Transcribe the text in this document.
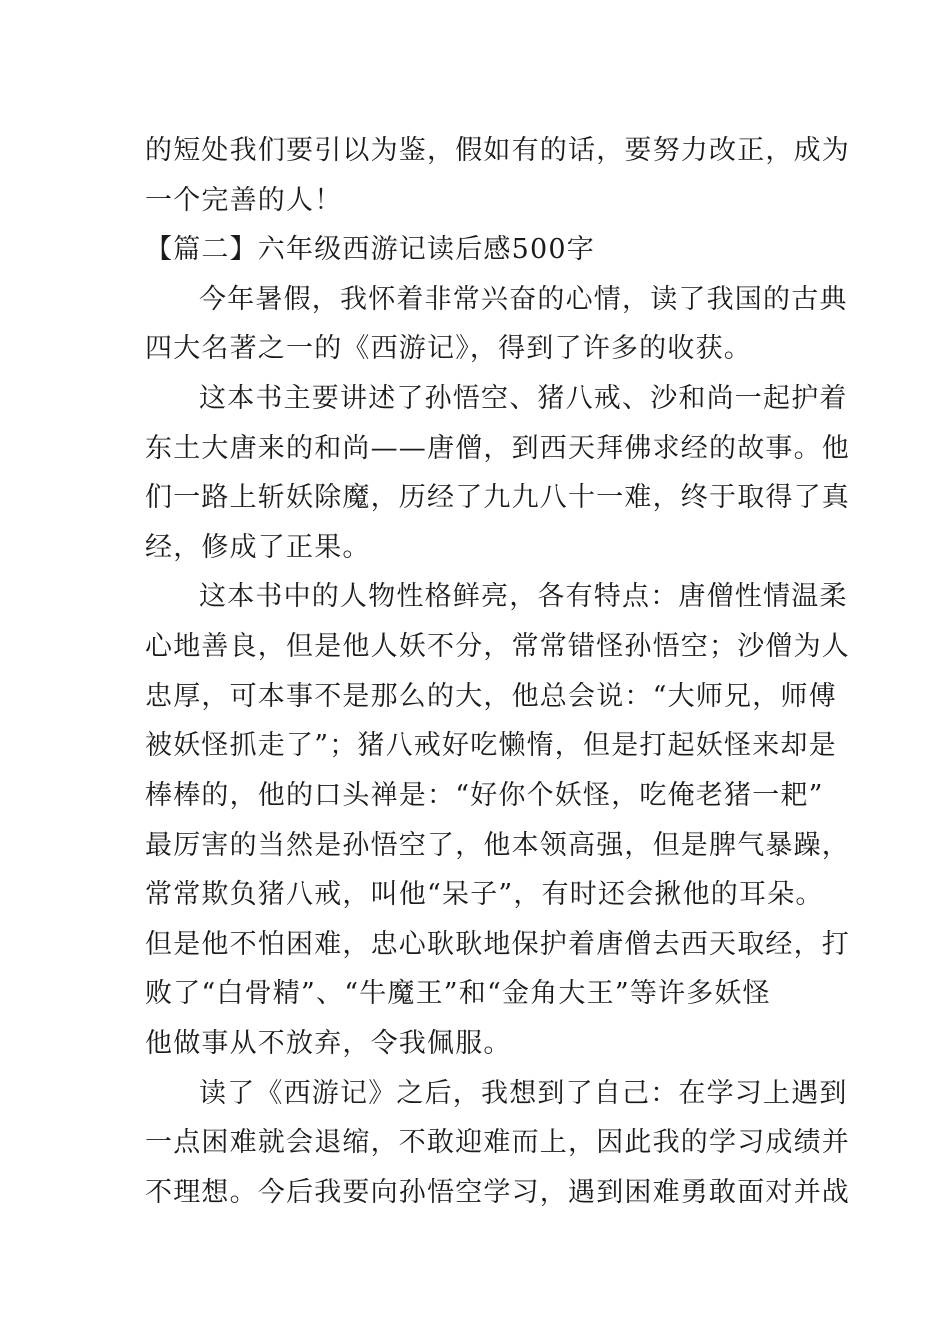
的短处我们要引以为鉴，假如有的话，要努力改正，成为
一个完善的人！
【篇二】六年级西游记读后感500字
今年暑假，我怀着非常兴奋的心情，读了我国的古典
四大名著之一的《西游记》，得到了许多的收获。
这本书主要讲述了孙悟空、猪八戒、沙和尚一起护着
东土大唐来的和尚——唐僧，到西天拜佛求经的故事。他
们一路上斩妖除魔，历经了九九八十一难，终于取得了真
经，修成了正果。
这本书中的人物性格鲜亮，各有特点：唐僧性情温柔
心地善良，但是他人妖不分，常常错怪孙悟空；沙僧为人
忠厚，可本事不是那么的大，他总会说：“大师兄，师傅
被妖怪抓走了”；猪八戒好吃懒惰，但是打起妖怪来却是
棒棒的，他的口头禅是：“好你个妖怪，吃俺老猪一耙”
最厉害的当然是孙悟空了，他本领高强，但是脾气暴躁，
常常欺负猪八戒，叫他“呆子”，有时还会揪他的耳朵。
但是他不怕困难，忠心耿耿地保护着唐僧去西天取经，打
败了“白骨精”、“牛魔王”和“金角大王”等许多妖怪
他做事从不放弃，令我佩服。
读了《西游记》之后，我想到了自己：在学习上遇到
一点困难就会退缩，不敢迎难而上，因此我的学习成绩并
不理想。今后我要向孙悟空学习，遇到困难勇敢面对并战
